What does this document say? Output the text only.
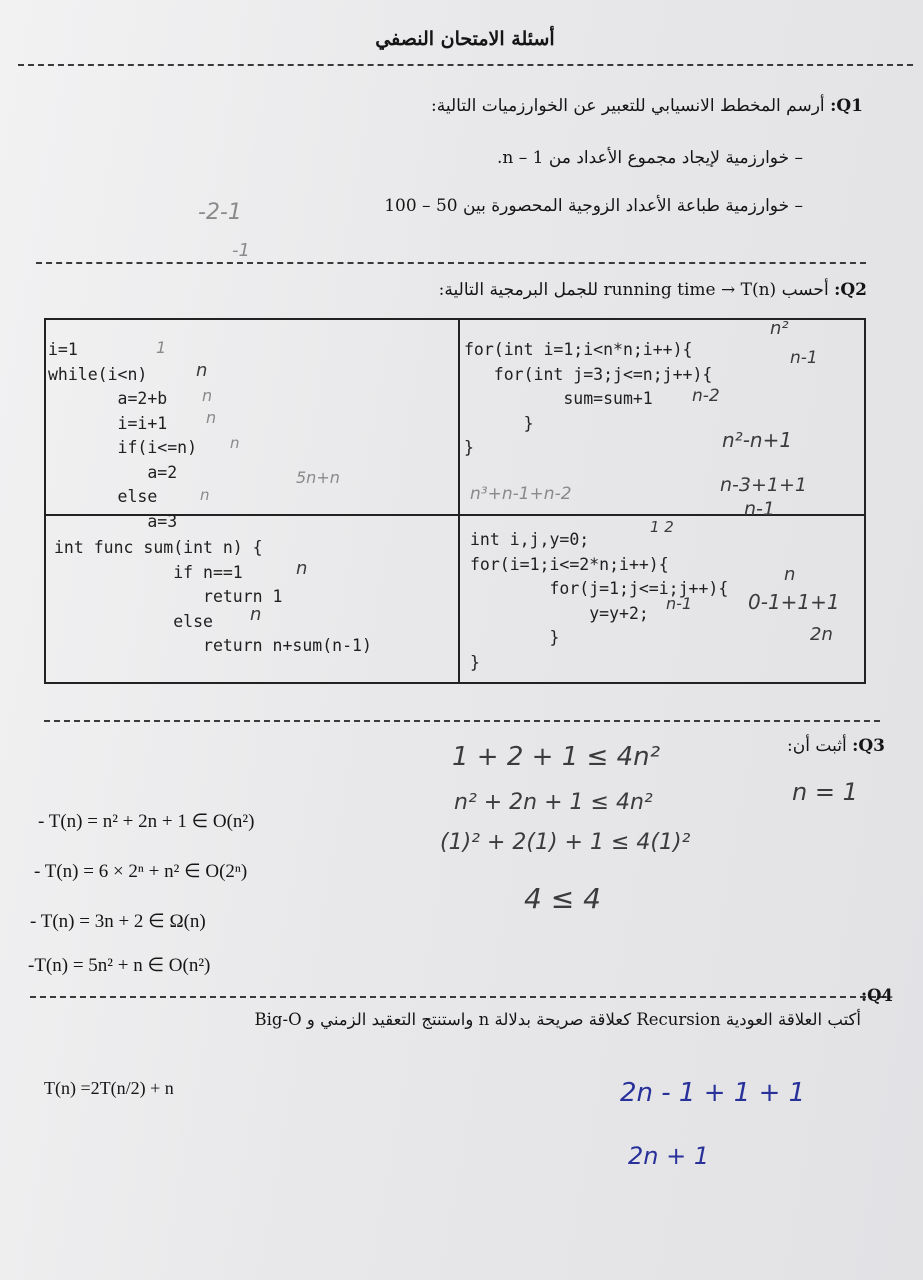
أسئلة الامتحان النصفي
Q1: أرسم المخطط الانسيابي للتعبير عن الخوارزميات التالية:
– خوارزمية لإيجاد مجموع الأعداد من 1 – n.
– خوارزمية طباعة الأعداد الزوجية المحصورة بين 50 – 100
-2-1
-1
Q2: أحسب running time → T(n) للجمل البرمجية التالية:
i=1
while(i<n)
a=2+b
i=i+1
if(i<=n)
a=2
else
a=3
for(int i=1;i<n*n;i++){
for(int j=3;j<=n;j++){
sum=sum+1
}
}
int func sum(int n) {
if n==1
return 1
else
return n+sum(n-1)
int i,j,y=0;
for(i=1;i<=2*n;i++){
for(j=1;j<=i;j++){
y=y+2;
}
}
1
n
n
n
n
n
5n+n
n²
n-1
n-2
n²-n+1
n³+n-1+n-2	n-3+1+1
n-1
n
n
1 2
n
n-1	0-1+1+1
2n
Q3: أثبت أن:
- T(n) = n² + 2n + 1 ∈ O(n²)
- T(n) = 6 × 2ⁿ + n² ∈ O(2ⁿ)
- T(n) = 3n + 2 ∈ Ω(n)
-T(n) = 5n² + n ∈ O(n²)
1 + 2 + 1 ≤ 4n²
n² + 2n + 1 ≤ 4n²
(1)² + 2(1) + 1 ≤ 4(1)²
4 ≤ 4
n = 1
Q4:
أكتب العلاقة العودية Recursion كعلاقة صريحة بدلالة n واستنتج التعقيد الزمني و Big-O
T(n) =2T(n/2) + n	2n - 1 + 1 + 1
2n + 1
